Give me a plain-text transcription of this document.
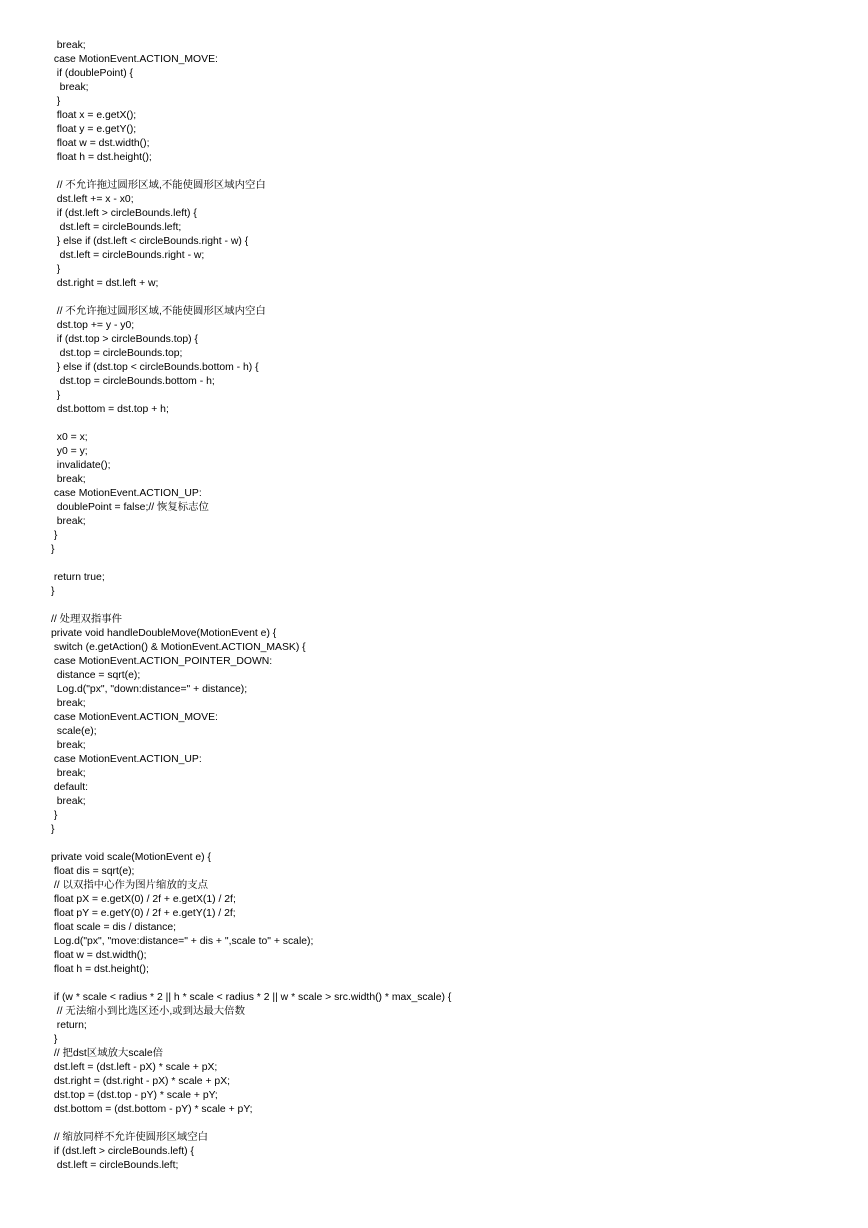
break;
case MotionEvent.ACTION_MOVE:
if (doublePoint) {
break;
}
float x = e.getX();
float y = e.getY();
float w = dst.width();
float h = dst.height();
// 不允许拖过圆形区域,不能使圆形区域内空白
dst.left += x - x0;
if (dst.left > circleBounds.left) {
dst.left = circleBounds.left;
} else if (dst.left < circleBounds.right - w) {
dst.left = circleBounds.right - w;
}
dst.right = dst.left + w;
// 不允许拖过圆形区域,不能使圆形区域内空白
dst.top += y - y0;
if (dst.top > circleBounds.top) {
dst.top = circleBounds.top;
} else if (dst.top < circleBounds.bottom - h) {
dst.top = circleBounds.bottom - h;
}
dst.bottom = dst.top + h;
x0 = x;
y0 = y;
invalidate();
break;
case MotionEvent.ACTION_UP:
doublePoint = false;// 恢复标志位
break;
}
}
return true;
}
// 处理双指事件
private void handleDoubleMove(MotionEvent e) {
switch (e.getAction() & MotionEvent.ACTION_MASK) {
case MotionEvent.ACTION_POINTER_DOWN:
distance = sqrt(e);
Log.d("px", "down:distance=" + distance);
break;
case MotionEvent.ACTION_MOVE:
scale(e);
break;
case MotionEvent.ACTION_UP:
break;
default:
break;
}
}
private void scale(MotionEvent e) {
float dis = sqrt(e);
// 以双指中心作为图片缩放的支点
float pX = e.getX(0) / 2f + e.getX(1) / 2f;
float pY = e.getY(0) / 2f + e.getY(1) / 2f;
float scale = dis / distance;
Log.d("px", "move:distance=" + dis + ",scale to" + scale);
float w = dst.width();
float h = dst.height();
if (w * scale < radius * 2 || h * scale < radius * 2 || w * scale > src.width() * max_scale) {
// 无法缩小到比选区还小,或到达最大倍数
return;
}
// 把dst区域放大scale倍
dst.left = (dst.left - pX) * scale + pX;
dst.right = (dst.right - pX) * scale + pX;
dst.top = (dst.top - pY) * scale + pY;
dst.bottom = (dst.bottom - pY) * scale + pY;
// 缩放同样不允许使圆形区域空白
if (dst.left > circleBounds.left) {
dst.left = circleBounds.left;
